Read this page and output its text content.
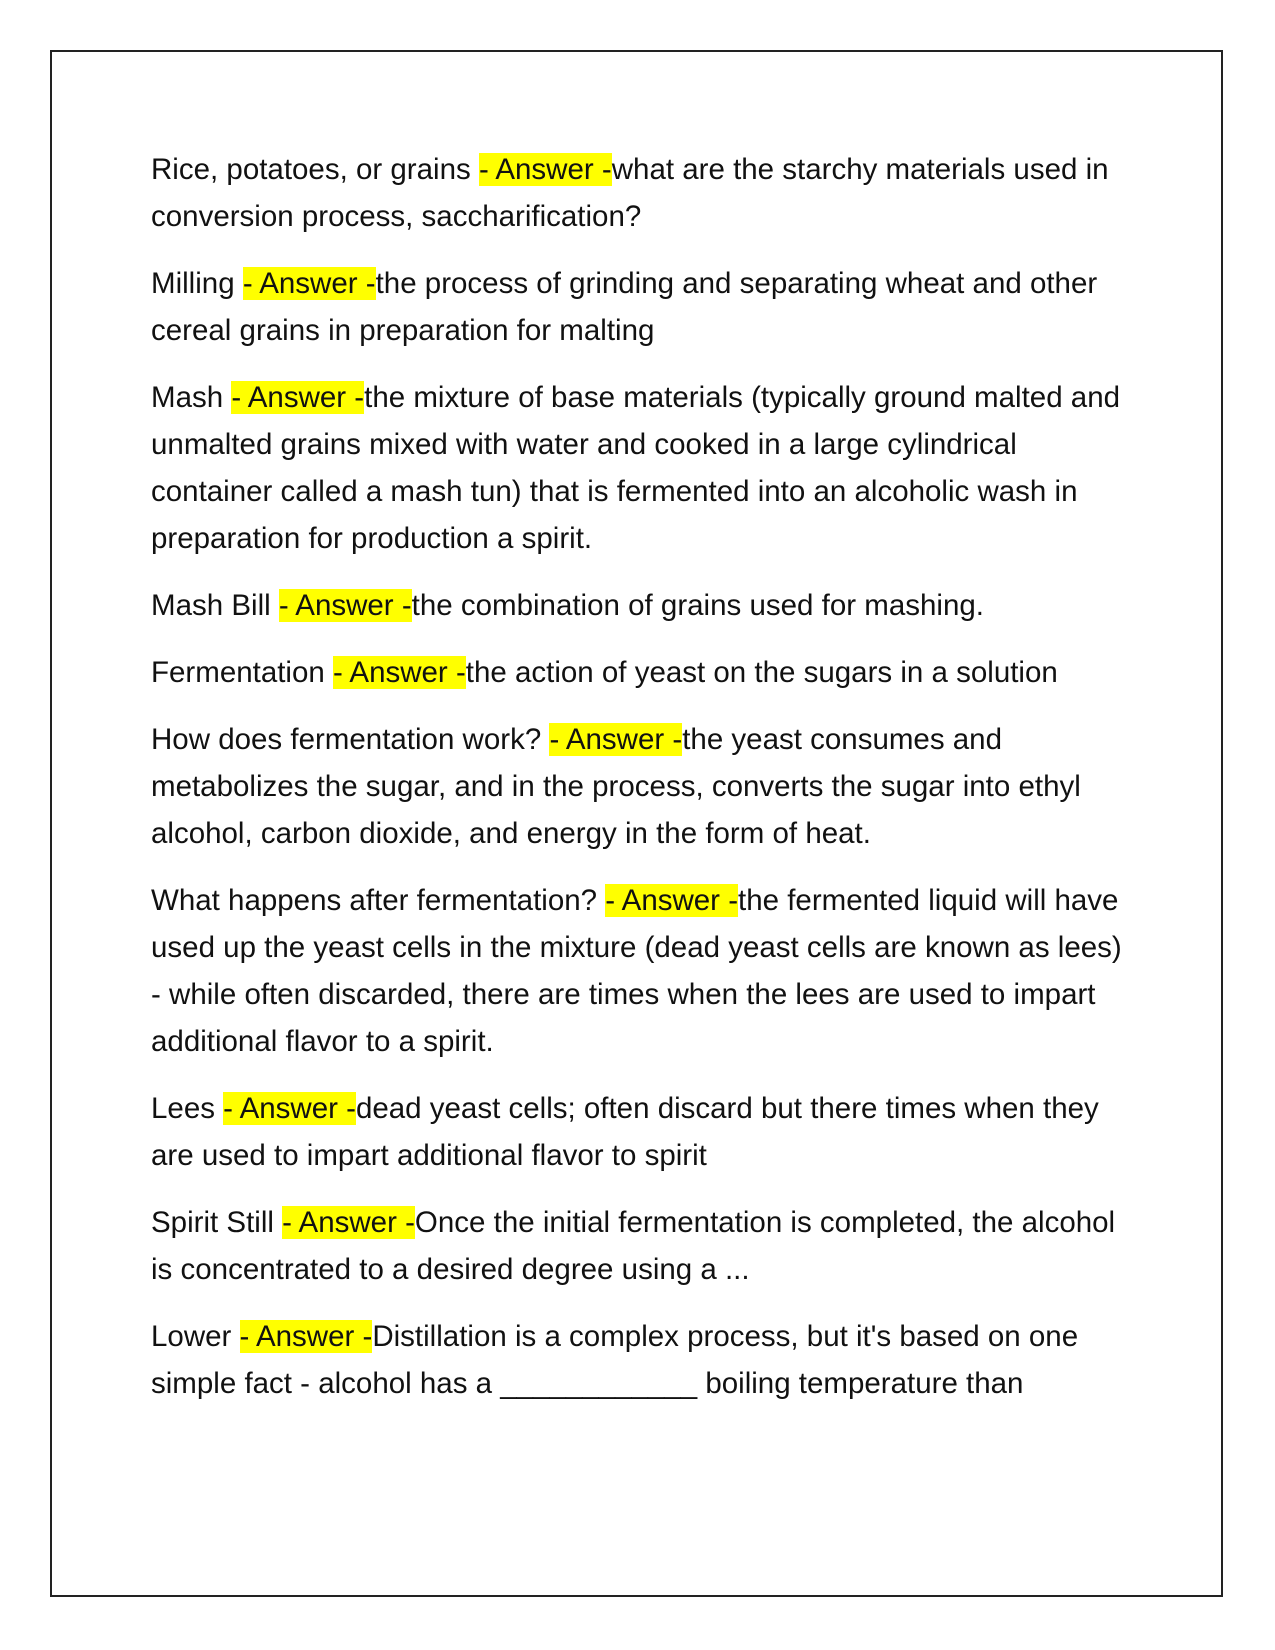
Rice, potatoes, or grains - Answer -what are the starchy materials used in conversion process, saccharification?

Milling - Answer -the process of grinding and separating wheat and other cereal grains in preparation for malting

Mash - Answer -the mixture of base materials (typically ground malted and unmalted grains mixed with water and cooked in a large cylindrical container called a mash tun) that is fermented into an alcoholic wash in preparation for production a spirit.

Mash Bill - Answer -the combination of grains used for mashing.

Fermentation - Answer -the action of yeast on the sugars in a solution

How does fermentation work? - Answer -the yeast consumes and metabolizes the sugar, and in the process, converts the sugar into ethyl alcohol, carbon dioxide, and energy in the form of heat.

What happens after fermentation? - Answer -the fermented liquid will have used up the yeast cells in the mixture (dead yeast cells are known as lees) - while often discarded, there are times when the lees are used to impart additional flavor to a spirit.

Lees - Answer -dead yeast cells; often discard but there times when they are used to impart additional flavor to spirit

Spirit Still - Answer -Once the initial fermentation is completed, the alcohol is concentrated to a desired degree using a ...

Lower - Answer -Distillation is a complex process, but it's based on one simple fact - alcohol has a ____________ boiling temperature than
